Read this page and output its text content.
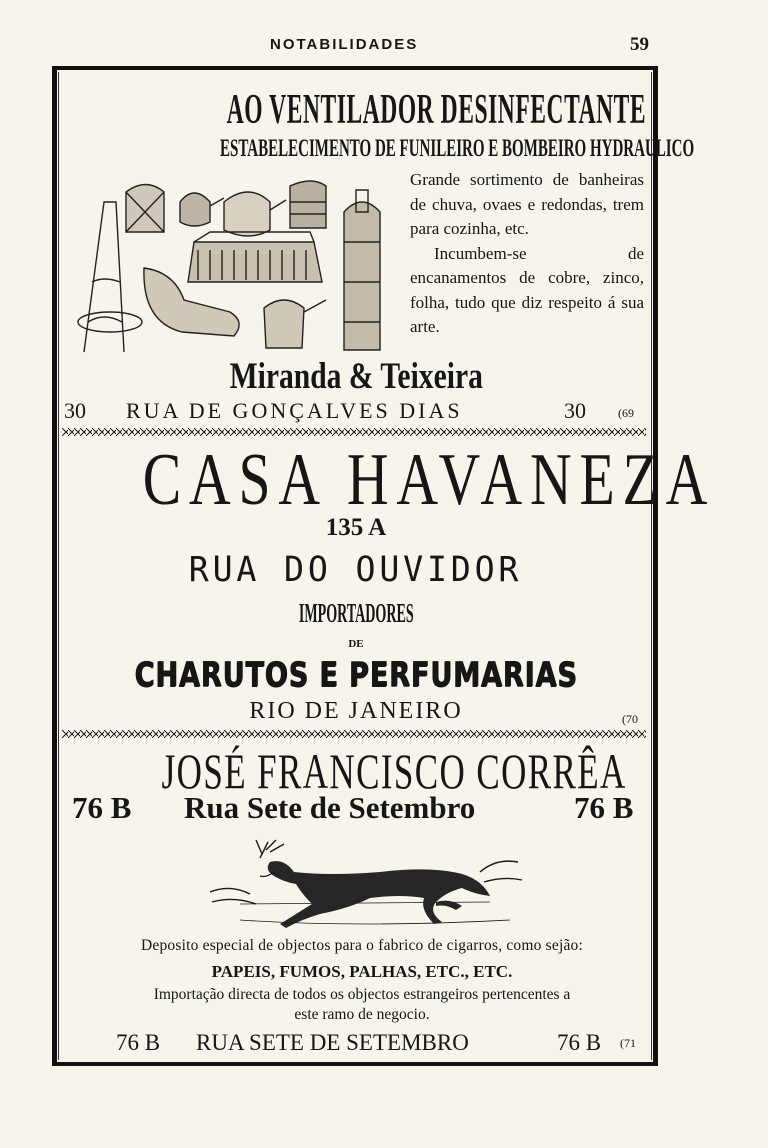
NOTABILIDADES	59
AO VENTILADOR DESINFECTANTE
ESTABELECIMENTO DE FUNILEIRO E BOMBEIRO HYDRAULICO

Grande sortimento de banheiras de chuva, ovaes e redondas, trem para cozinha, etc.

Incumbem-se de encanamentos de cobre, zinco, folha, tudo que diz respeito á sua arte.

Miranda & Teixeira
30 RUA DE GONÇALVES DIAS	30	(69
CASA HAVANEZA
135 A
RUA DO OUVIDOR
IMPORTADORES
DE
CHARUTOS E PERFUMARIAS
RIO DE JANEIRO	(70
JOSÉ FRANCISCO CORRÊA
76 B Rua Sete de Setembro	76 B
Deposito especial de objectos para o fabrico de cigarros, como sejão:
PAPEIS, FUMOS, PALHAS, ETC., ETC.
Importação directa de todos os objectos estrangeiros pertencentes a
este ramo de negocio.
76 B RUA SETE DE SETEMBRO	76 B (71
